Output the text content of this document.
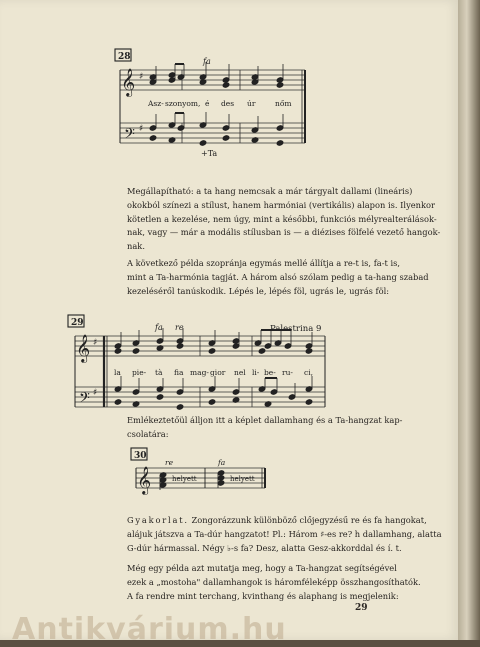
28	fa
𝄞
𝄢
♯
♯
Asz- szonyom, é des úr	nőm
+Ta
29	fa re	Palestrina 9
𝄞
𝄢
♯
♯
la pie- tà fia mag- gior nel li- be- ru- ci,
30
re	fa
𝄞	helyett	helyett

Megállapítható: a ta hang nemcsak a már tárgyalt dallami (lineáris)
okokból színezi a stílust, hanem harmóniai (vertikális) alapon is. Ilyenkor
kötetlen a kezelése, nem úgy, mint a későbbi, funkciós mélyrealterálások-
nak, vagy — már a modális stílusban is — a diézises fölfelé vezető hangok-
nak.

A következő példa szopránja egymás mellé állítja a re-t is, fa-t is,
mint a Ta-harmónia tagját. A három alsó szólam pedig a ta-hang szabad
kezeléséről tanúskodik. Lépés le, lépés föl, ugrás le, ugrás föl:

Emlékeztetőül álljon itt a képlet dallamhang és a Ta-hangzat kap-
csolatára:

Gyakorlat. Zongorázzunk különböző clőjegyzésű re és fa hangokat,
alájuk játszva a Ta-dúr hangzatot! Pl.: Három ♯-es re? h dallamhang, alatta
G-dúr hármassal. Négy ♭-s fa? Desz, alatta Gesz-akkorddal és í. t.

Még egy példa azt mutatja meg, hogy a Ta-hangzat segítségével
ezek a „mostoha" dallamhangok is háromféleképp összhangosíthatók.
A fa rendre mint terchang, kvinthang és alaphang is megjelenik:

29
Antikvárium.hu
